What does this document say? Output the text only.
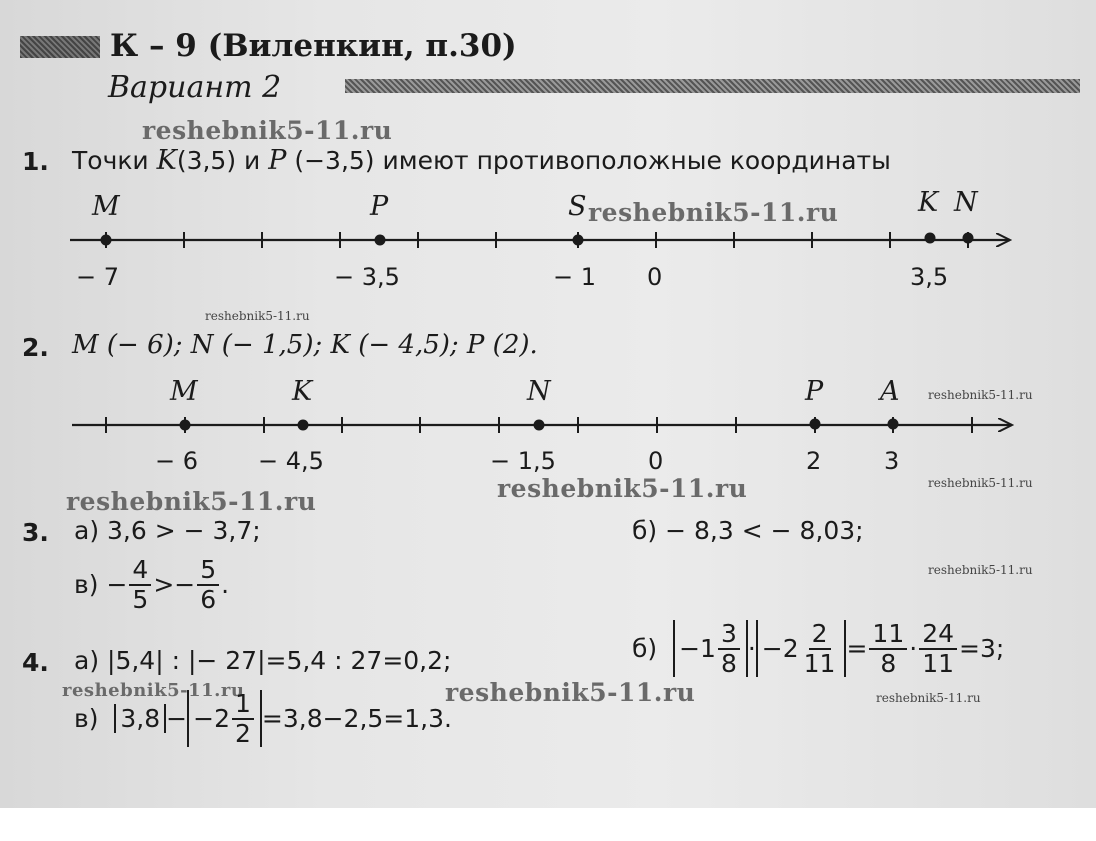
К – 9 (Виленкин, п.30)
Вариант 2
reshebnik5-11.ru
reshebnik5-11.ru
reshebnik5-11.ru
reshebnik5-11.ru
reshebnik5-11.ru
reshebnik5-11.ru	reshebnik5-11.ru
reshebnik5-11.ru
reshebnik5-11.ru	reshebnik5-11.ru	reshebnik5-11.ru
1. Точки K(3,5) и P (−3,5) имеют противоположные координаты
M	P	S	K N
− 7	− 3,5	− 1 0	3,5
2. M (− 6); N (− 1,5); K (− 4,5); P (2).
M	K	N	P A
− 6 − 4,5	− 1,5	0	2	3
3. а) 3,6 > − 3,7;	б) − 8,3 < − 8,03;
в)
− $\frac{4}{5} >- \frac{5}{6}$ .
4. а) |5,4| : |− 27|=5,4 : 27=0,2;	б)
$-1 \frac{3}{8} \cdot -2 \frac{2}{11} = \frac{11}{8} \cdot \frac{24}{11} =3$;
в)
$3,8 - -2 \frac{1}{2} =3,8-2,5=1,3$.
